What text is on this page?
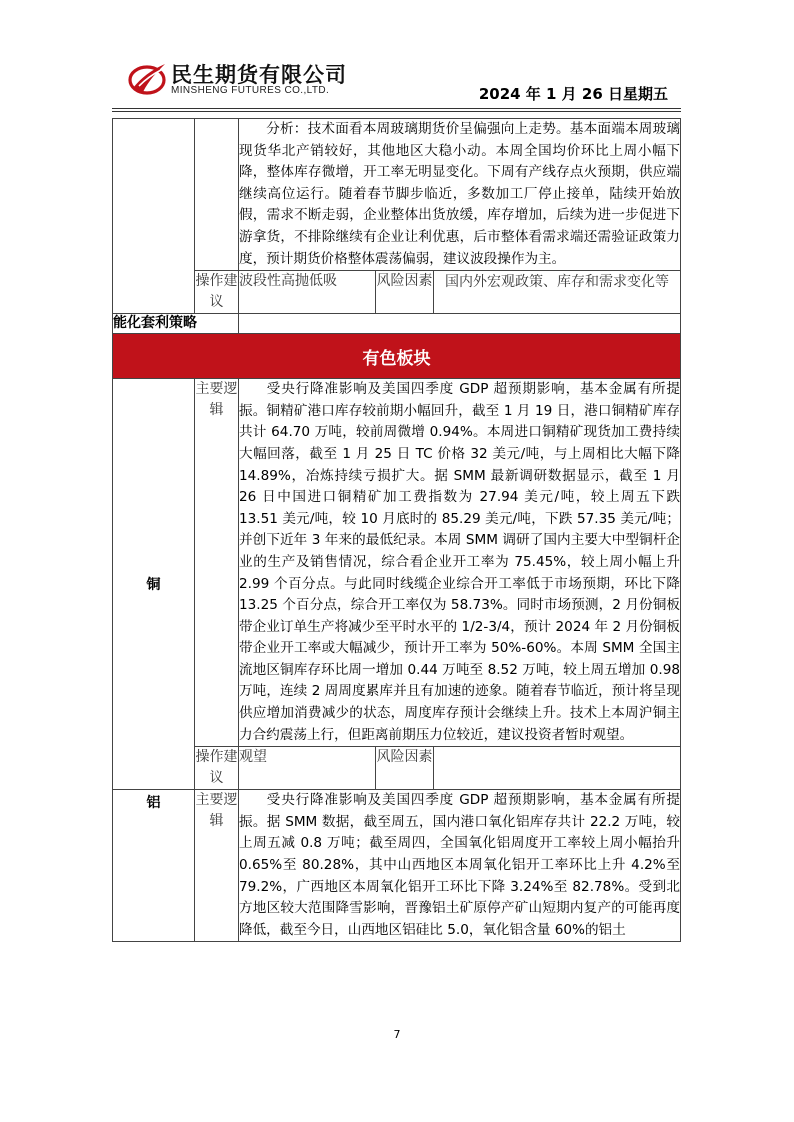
民生期货有限公司
MINSHENG FUTURES CO.,LTD.	2024 年 1 月 26 日星期五
		分析：技术面看本周玻璃期货价呈偏强向上走势。基本面端本周玻璃现货华北产销较好，其他地区大稳小动。本周全国均价环比上周小幅下降，整体库存微增，开工率无明显变化。下周有产线存点火预期，供应端继续高位运行。随着春节脚步临近，多数加工厂停止接单，陆续开始放假，需求不断走弱，企业整体出货放缓，库存增加，后续为进一步促进下游拿货，不排除继续有企业让利优惠，后市整体看需求端还需验证政策力度，预计期货价格整体震荡偏弱，建议波段操作为主。		
	操作建议	波段性高抛低吸	风险因素	国内外宏观政策、库存和需求变化等
能化套利策略				
有色板块				
铜	主要逻辑	受央行降准影响及美国四季度 GDP 超预期影响，基本金属有所提振。铜精矿港口库存较前期小幅回升，截至 1 月 19 日，港口铜精矿库存共计 64.70 万吨，较前周微增 0.94%。本周进口铜精矿现货加工费持续大幅回落，截至 1 月 25 日 TC 价格 32 美元/吨，与上周相比大幅下降 14.89%，冶炼持续亏损扩大。据 SMM 最新调研数据显示，截至 1 月 26 日中国进口铜精矿加工费指数为 27.94 美元/吨，较上周五下跌 13.51 美元/吨，较 10 月底时的 85.29 美元/吨，下跌 57.35 美元/吨；并创下近年 3 年来的最低纪录。本周 SMM 调研了国内主要大中型铜杆企业的生产及销售情况，综合看企业开工率为 75.45%，较上周小幅上升 2.99 个百分点。与此同时线缆企业综合开工率低于市场预期，环比下降 13.25 个百分点，综合开工率仅为 58.73%。同时市场预测，2 月份铜板带企业订单生产将减少至平时水平的 1/2-3/4，预计 2024 年 2 月份铜板带企业开工率或大幅减少，预计开工率为 50%-60%。本周 SMM 全国主流地区铜库存环比周一增加 0.44 万吨至 8.52 万吨，较上周五增加 0.98 万吨，连续 2 周周度累库并且有加速的迹象。随着春节临近，预计将呈现供应增加消费减少的状态，周度库存预计会继续上升。技术上本周沪铜主力合约震荡上行，但距离前期压力位较近，建议投资者暂时观望。		
	操作建议	观望	风险因素	
铝	主要逻辑	受央行降准影响及美国四季度 GDP 超预期影响，基本金属有所提振。据 SMM 数据，截至周五，国内港口氧化铝库存共计 22.2 万吨，较上周五减 0.8 万吨；截至周四，全国氧化铝周度开工率较上周小幅抬升 0.65%至 80.28%，其中山西地区本周氧化铝开工率环比上升 4.2%至 79.2%，广西地区本周氧化铝开工环比下降 3.24%至 82.78%。受到北方地区较大范围降雪影响，晋豫铝土矿原停产矿山短期内复产的可能再度降低，截至今日，山西地区铝硅比 5.0，氧化铝含量 60%的铝土		
7
